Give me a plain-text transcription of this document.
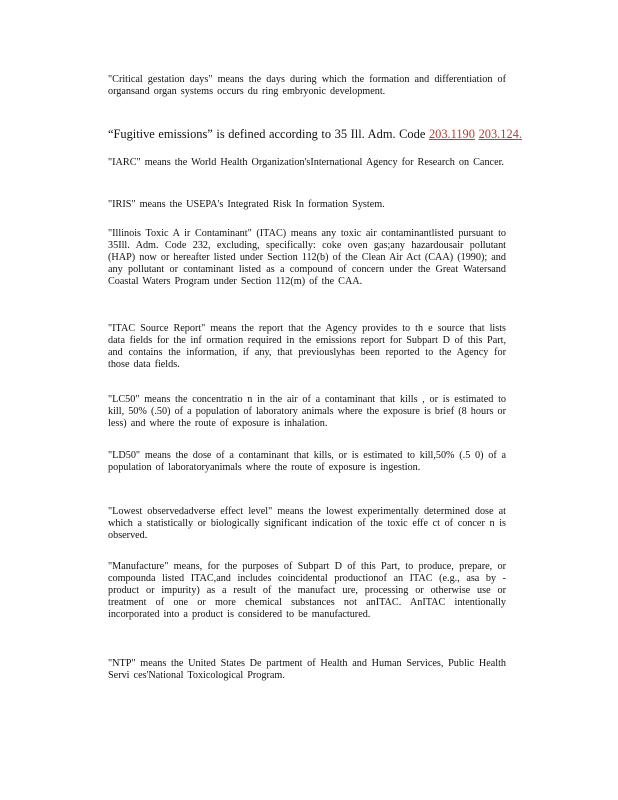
"Critical gestation days" means the days during which the formation and differentiation of organsand organ systems occurs du ring embryonic development.
“Fugitive emissions” is defined according to 35 Ill. Adm. Code 203.1190 203.124.
"IARC" means the World Health Organization'sInternational Agency for Research on Cancer.
"IRIS" means the USEPA's Integrated Risk In formation System.
"Illinois Toxic A ir Contaminant" (ITAC) means any toxic air contaminantlisted pursuant to 35Ill. Adm. Code 232, excluding, specifically: coke oven gas;any hazardousair pollutant (HAP) now or hereafter listed under Section 112(b) of the Clean Air Act (CAA) (1990); and any pollutant or contaminant listed as a compound of concern under the Great Watersand Coastal Waters Program under Section 112(m) of the CAA.
"ITAC Source Report" means the report that the Agency provides to th e source that lists data fields for the inf ormation required in the emissions report for Subpart D of this Part, and contains the information, if any, that previouslyhas been reported to the Agency for those data fields.
"LC50" means the concentratio n in the air of a contaminant that kills , or is estimated to kill, 50% (.50) of a population of laboratory animals where the exposure is brief (8 hours or less) and where the route of exposure is inhalation.
"LD50" means the dose of a contaminant that kills, or is estimated to kill,50% (.5 0) of a population of laboratoryanimals where the route of exposure is ingestion.
"Lowest observedadverse effect level" means the lowest experimentally determined dose at which a statistically or biologically significant indication of the toxic effe ct of concer n is observed.
"Manufacture" means, for the purposes of Subpart D of this Part, to produce, prepare, or compounda listed ITAC,and includes coincidental productionof an ITAC (e.g., asa by -product or impurity) as a result of the manufact ure, processing or otherwise use or treatment of one or more chemical substances not anITAC. AnITAC intentionally incorporated into a product is considered to be manufactured.
"NTP" means the United States De partment of Health and Human Services, Public Health Servi ces'National Toxicological Program.
